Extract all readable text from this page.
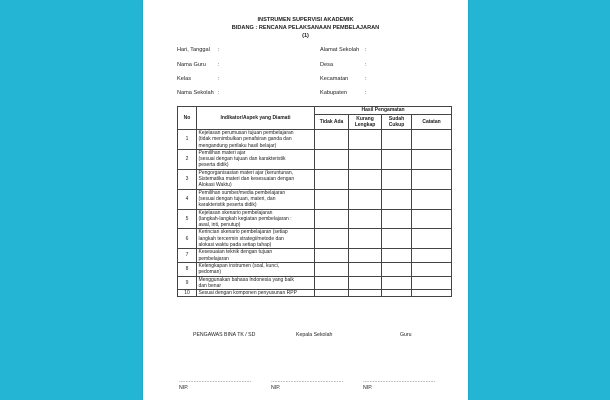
INSTRUMEN SUPERVISI AKADEMIK
BIDANG : RENCANA PELAKSANAAN PEMBELAJARAN
(1)
Hari, Tanggal :
Nama Guru :
Kelas	:
Nama Sekolah :
Alamat Sekolah :
Desa	:
Kecamatan	:
Kabupaten	:
No	Indikator/Aspek yang Diamati	Hasil Pengamatan			
		Tidak Ada	Kurang Lengkap	Sudah Cukup	Catatan
1	Kejelasan perumusan tujuan pembelajaran
(tidak menimbulkan penafsiran ganda dan
mengandung perilaku hasil belajar)				

2	Pemilihan materi ajar
(sesuai dengan tujuan dan karakteristik
peserta didik)				

3	Pengorganisasian materi ajar (keruntunan,
Sistematika materi dan kesesuaian dengan
Alokasi Waktu)				

4	Pemilihan sumber/media pembelajaran
(sesuai dengan tujuan, materi, dan
karakteristik peserta didik)				

5	Kejelasan skenario pembelajaran
(langkah-langkah kegiatan pembelajaran :
awal, inti, penutup)				

6	Kerincian skenario pembelajaran (setiap
langkah tercermin strategi/metode dan
alokasi waktu pada setiap tahap)				

7	Kesesuaian teknik dengan tujuan
pembelajaran				

8	Kelengkapan instrumen (soal, kunci,
pedoman)				

9	Menggunakan bahasa Indonesia yang baik
dan benar				

10	Sesuai dengan komponen penyusunan RPP				

PENGAWAS BINA TK / SD	Kepala Sekolah	Guru
………………………………………	………………………………………	………………………………………
NIP.	NIP.	NIP.
